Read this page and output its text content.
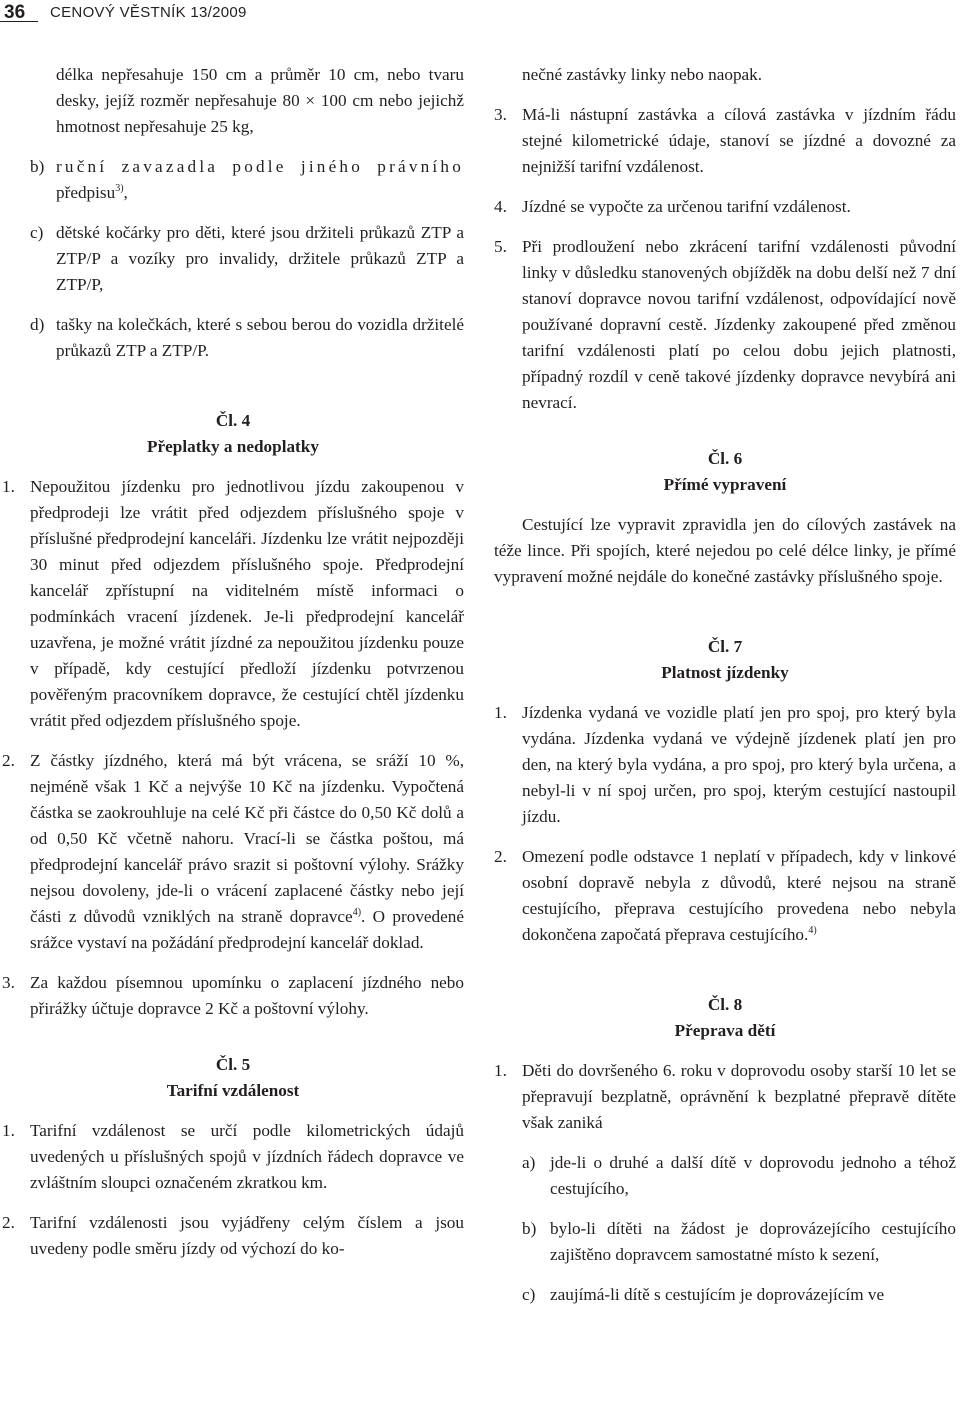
36	CENOVÝ VĚSTNÍK 13/2009

délka nepřesahuje 150 cm a průměr 10 cm, nebo tvaru desky, jejíž rozměr nepřesahuje 80 × 100 cm nebo jejichž hmotnost nepřesahuje 25 kg,

b) ruční zavazadla podle jiného právního předpisu$^{3)}$,

c) dětské kočárky pro děti, které jsou držiteli průkazů ZTP a ZTP/P a vozíky pro invalidy, držitele průkazů ZTP a ZTP/P,

d) tašky na kolečkách, které s sebou berou do vozidla držitelé průkazů ZTP a ZTP/P.

Čl. 4

Přeplatky a nedoplatky

1. Nepoužitou jízdenku pro jednotlivou jízdu zakoupenou v předprodeji lze vrátit před odjezdem příslušného spoje v příslušné předprodejní kanceláři. Jízdenku lze vrátit nejpozději 30 minut před odjezdem příslušného spoje. Předprodejní kancelář zpřístupní na viditelném místě informaci o podmínkách vracení jízdenek. Je-li předprodejní kancelář uzavřena, je možné vrátit jízdné za nepoužitou jízdenku pouze v případě, kdy cestující předloží jízdenku potvrzenou pověřeným pracovníkem dopravce, že cestující chtěl jízdenku vrátit před odjezdem příslušného spoje.

2. Z částky jízdného, která má být vrácena, se sráží 10 %, nejméně však 1 Kč a nejvýše 10 Kč na jízdenku. Vypočtená částka se zaokrouhluje na celé Kč při částce do 0,50 Kč dolů a od 0,50 Kč včetně nahoru. Vrací-li se částka poštou, má předprodejní kancelář právo srazit si poštovní výlohy. Srážky nejsou dovoleny, jde-li o vrácení zaplacené částky nebo její části z důvodů vzniklých na straně dopravce$^{4)}$. O provedené srážce vystaví na požádání předprodejní kancelář doklad.

3. Za každou písemnou upomínku o zaplacení jízdného nebo přirážky účtuje dopravce 2 Kč a poštovní výlohy.

Čl. 5

Tarifní vzdálenost

1. Tarifní vzdálenost se určí podle kilometrických údajů uvedených u příslušných spojů v jízdních řádech dopravce ve zvláštním sloupci označeném zkratkou km.

2. Tarifní vzdálenosti jsou vyjádřeny celým číslem a jsou uvedeny podle směru jízdy od výchozí do ko-

nečné zastávky linky nebo naopak.

3. Má-li nástupní zastávka a cílová zastávka v jízdním řádu stejné kilometrické údaje, stanoví se jízdné a dovozné za nejnižší tarifní vzdálenost.

4. Jízdné se vypočte za určenou tarifní vzdálenost.

5. Při prodloužení nebo zkrácení tarifní vzdálenosti původní linky v důsledku stanovených objížděk na dobu delší než 7 dní stanoví dopravce novou tarifní vzdálenost, odpovídající nově používané dopravní cestě. Jízdenky zakoupené před změnou tarifní vzdálenosti platí po celou dobu jejich platnosti, případný rozdíl v ceně takové jízdenky dopravce nevybírá ani nevrací.

Čl. 6

Přímé vypravení

Cestující lze vypravit zpravidla jen do cílových zastávek na téže lince. Při spojích, které nejedou po celé délce linky, je přímé vypravení možné nejdále do konečné zastávky příslušného spoje.

Čl. 7

Platnost jízdenky

1. Jízdenka vydaná ve vozidle platí jen pro spoj, pro který byla vydána. Jízdenka vydaná ve výdejně jízdenek platí jen pro den, na který byla vydána, a pro spoj, pro který byla určena, a nebyl-li v ní spoj určen, pro spoj, kterým cestující nastoupil jízdu.

2. Omezení podle odstavce 1 neplatí v případech, kdy v linkové osobní dopravě nebyla z důvodů, které nejsou na straně cestujícího, přeprava cestujícího provedena nebo nebyla dokončena započatá přeprava cestujícího.$^{4)}$

Čl. 8

Přeprava dětí

1. Děti do dovršeného 6. roku v doprovodu osoby starší 10 let se přepravují bezplatně, oprávnění k bezplatné přepravě dítěte však zaniká

a) jde-li o druhé a další dítě v doprovodu jednoho a téhož cestujícího,

b) bylo-li dítěti na žádost je doprovázejícího cestujícího zajištěno dopravcem samostatné místo k sezení,

c) zaujímá-li dítě s cestujícím je doprovázejícím ve
